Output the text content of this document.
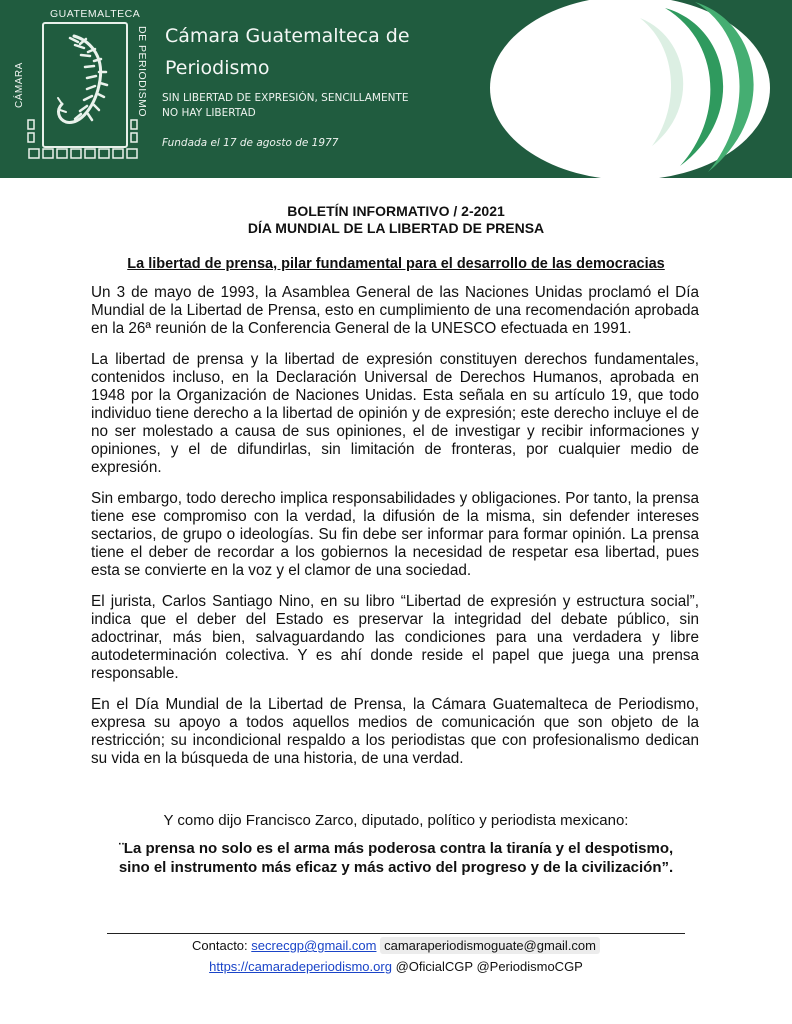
GUATEMALTECA
CÁMARA	DE PERIODISMO Cámara Guatemalteca de
Periodismo
SIN LIBERTAD DE EXPRESIÓN, SENCILLAMENTE
NO HAY LIBERTAD
Fundada el 17 de agosto de 1977
BOLETÍN INFORMATIVO / 2-2021
DÍA MUNDIAL DE LA LIBERTAD DE PRENSA
La libertad de prensa, pilar fundamental para el desarrollo de las democracias

Un 3 de mayo de 1993, la Asamblea General de las Naciones Unidas proclamó el Día Mundial de la Libertad de Prensa, esto en cumplimiento de una recomendación aprobada en la 26ª reunión de la Conferencia General de la UNESCO efectuada en 1991.

La libertad de prensa y la libertad de expresión constituyen derechos fundamentales, contenidos incluso, en la Declaración Universal de Derechos Humanos, aprobada en 1948 por la Organización de Naciones Unidas. Esta señala en su artículo 19, que todo individuo tiene derecho a la libertad de opinión y de expresión; este derecho incluye el de no ser molestado a causa de sus opiniones, el de investigar y recibir informaciones y opiniones, y el de difundirlas, sin limitación de fronteras, por cualquier medio de expresión.

Sin embargo, todo derecho implica responsabilidades y obligaciones. Por tanto, la prensa tiene ese compromiso con la verdad, la difusión de la misma, sin defender intereses sectarios, de grupo o ideologías. Su fin debe ser informar para formar opinión. La prensa tiene el deber de recordar a los gobiernos la necesidad de respetar esa libertad, pues esta se convierte en la voz y el clamor de una sociedad.

El jurista, Carlos Santiago Nino, en su libro “Libertad de expresión y estructura social”, indica que el deber del Estado es preservar la integridad del debate público, sin adoctrinar, más bien, salvaguardando las condiciones para una verdadera y libre autodeterminación colectiva. Y es ahí donde reside el papel que juega una prensa responsable.

En el Día Mundial de la Libertad de Prensa, la Cámara Guatemalteca de Periodismo, expresa su apoyo a todos aquellos medios de comunicación que son objeto de la restricción; su incondicional respaldo a los periodistas que con profesionalismo dedican su vida en la búsqueda de una historia, de una verdad.

Y como dijo Francisco Zarco, diputado, político y periodista mexicano:
¨La prensa no solo es el arma más poderosa contra la tiranía y el despotismo,
sino el instrumento más eficaz y más activo del progreso y de la civilización”.
Contacto: secrecgp@gmail.com camaraperiodismoguate@gmail.com
https://camaradeperiodismo.org @OficialCGP @PeriodismoCGP
